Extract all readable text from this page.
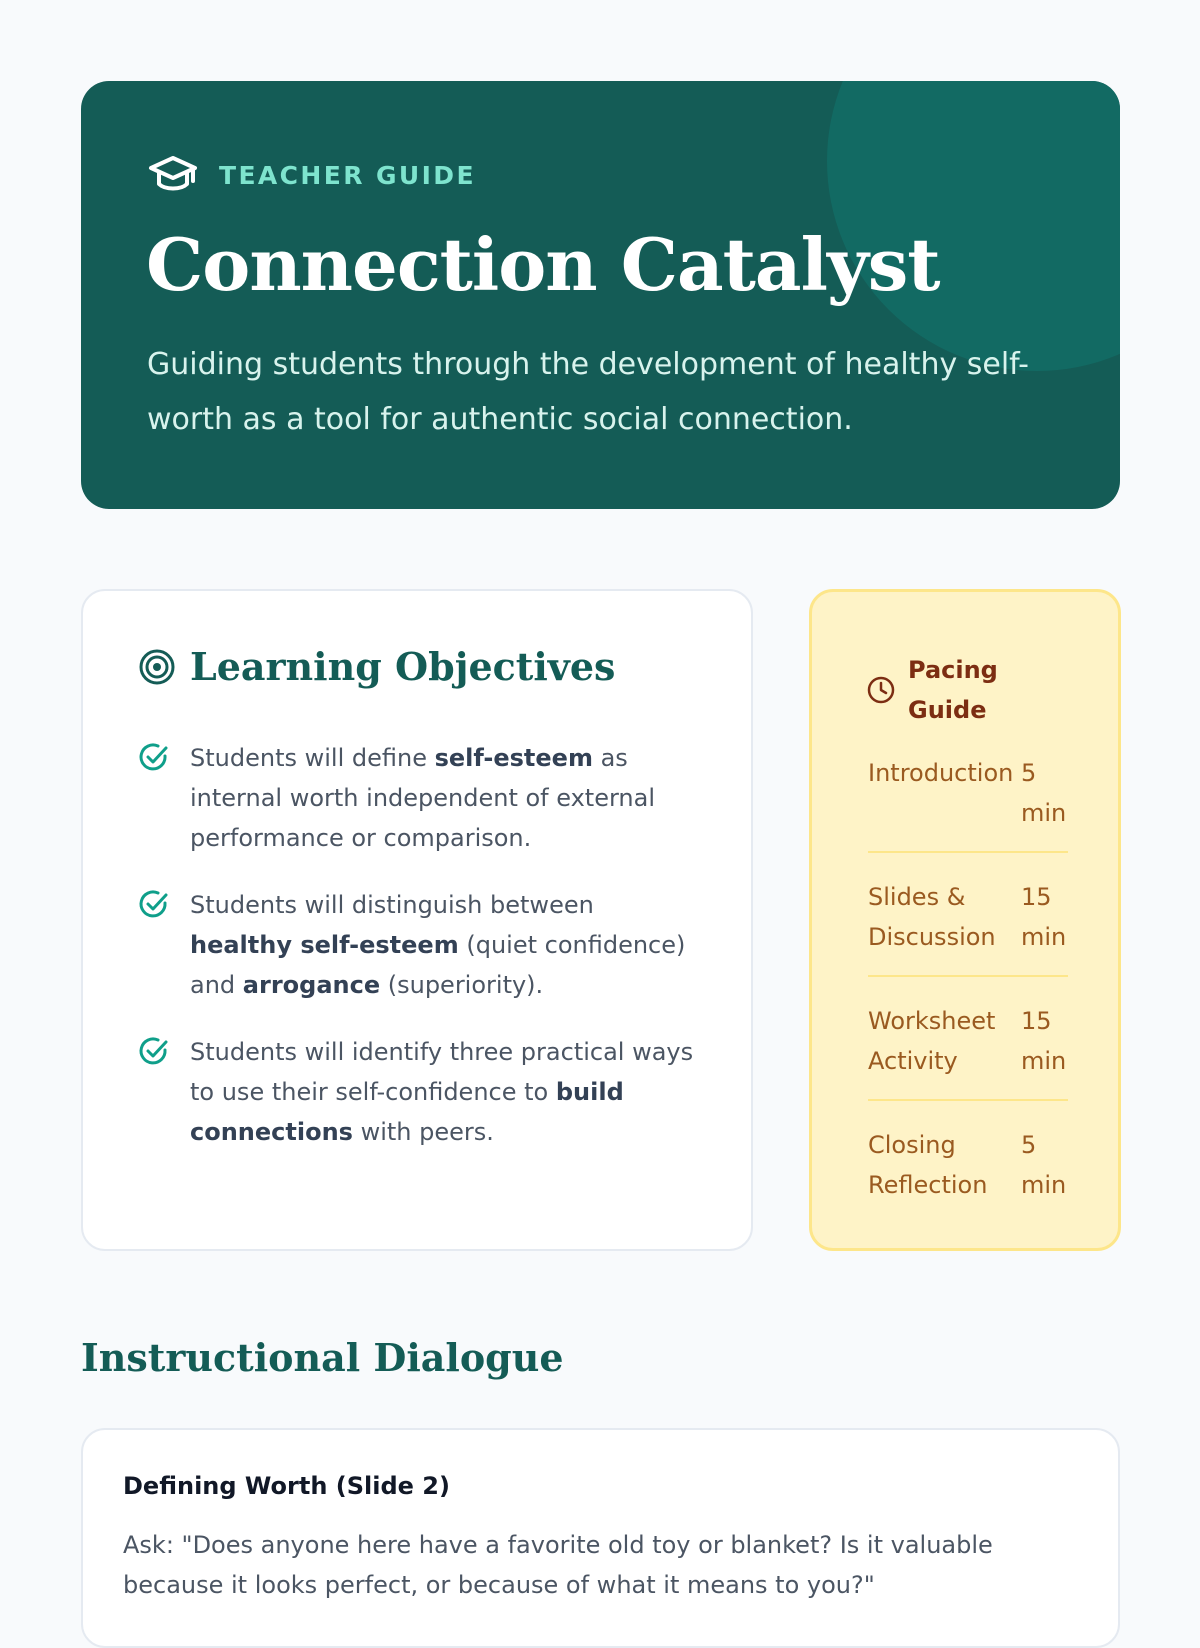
TEACHER GUIDE
Connection Catalyst

Guiding students through the development of healthy self-worth as a tool for authentic social connection.

Learning Objectives
Students will define self-esteem as internal worth independent of external performance or comparison.
Students will distinguish between healthy self-esteem (quiet confidence) and arrogance (superiority).
Students will identify three practical ways to use their self-confidence to build connections with peers.
Pacing Guide
Introduction 5 min
Slides & Discussion
15 min
Worksheet Activity
15 min
Closing Reflection
5 min
Instructional Dialogue
Defining Worth (Slide 2)

Ask: "Does anyone here have a favorite old toy or blanket? Is it valuable because it looks perfect, or because of what it means to you?"
